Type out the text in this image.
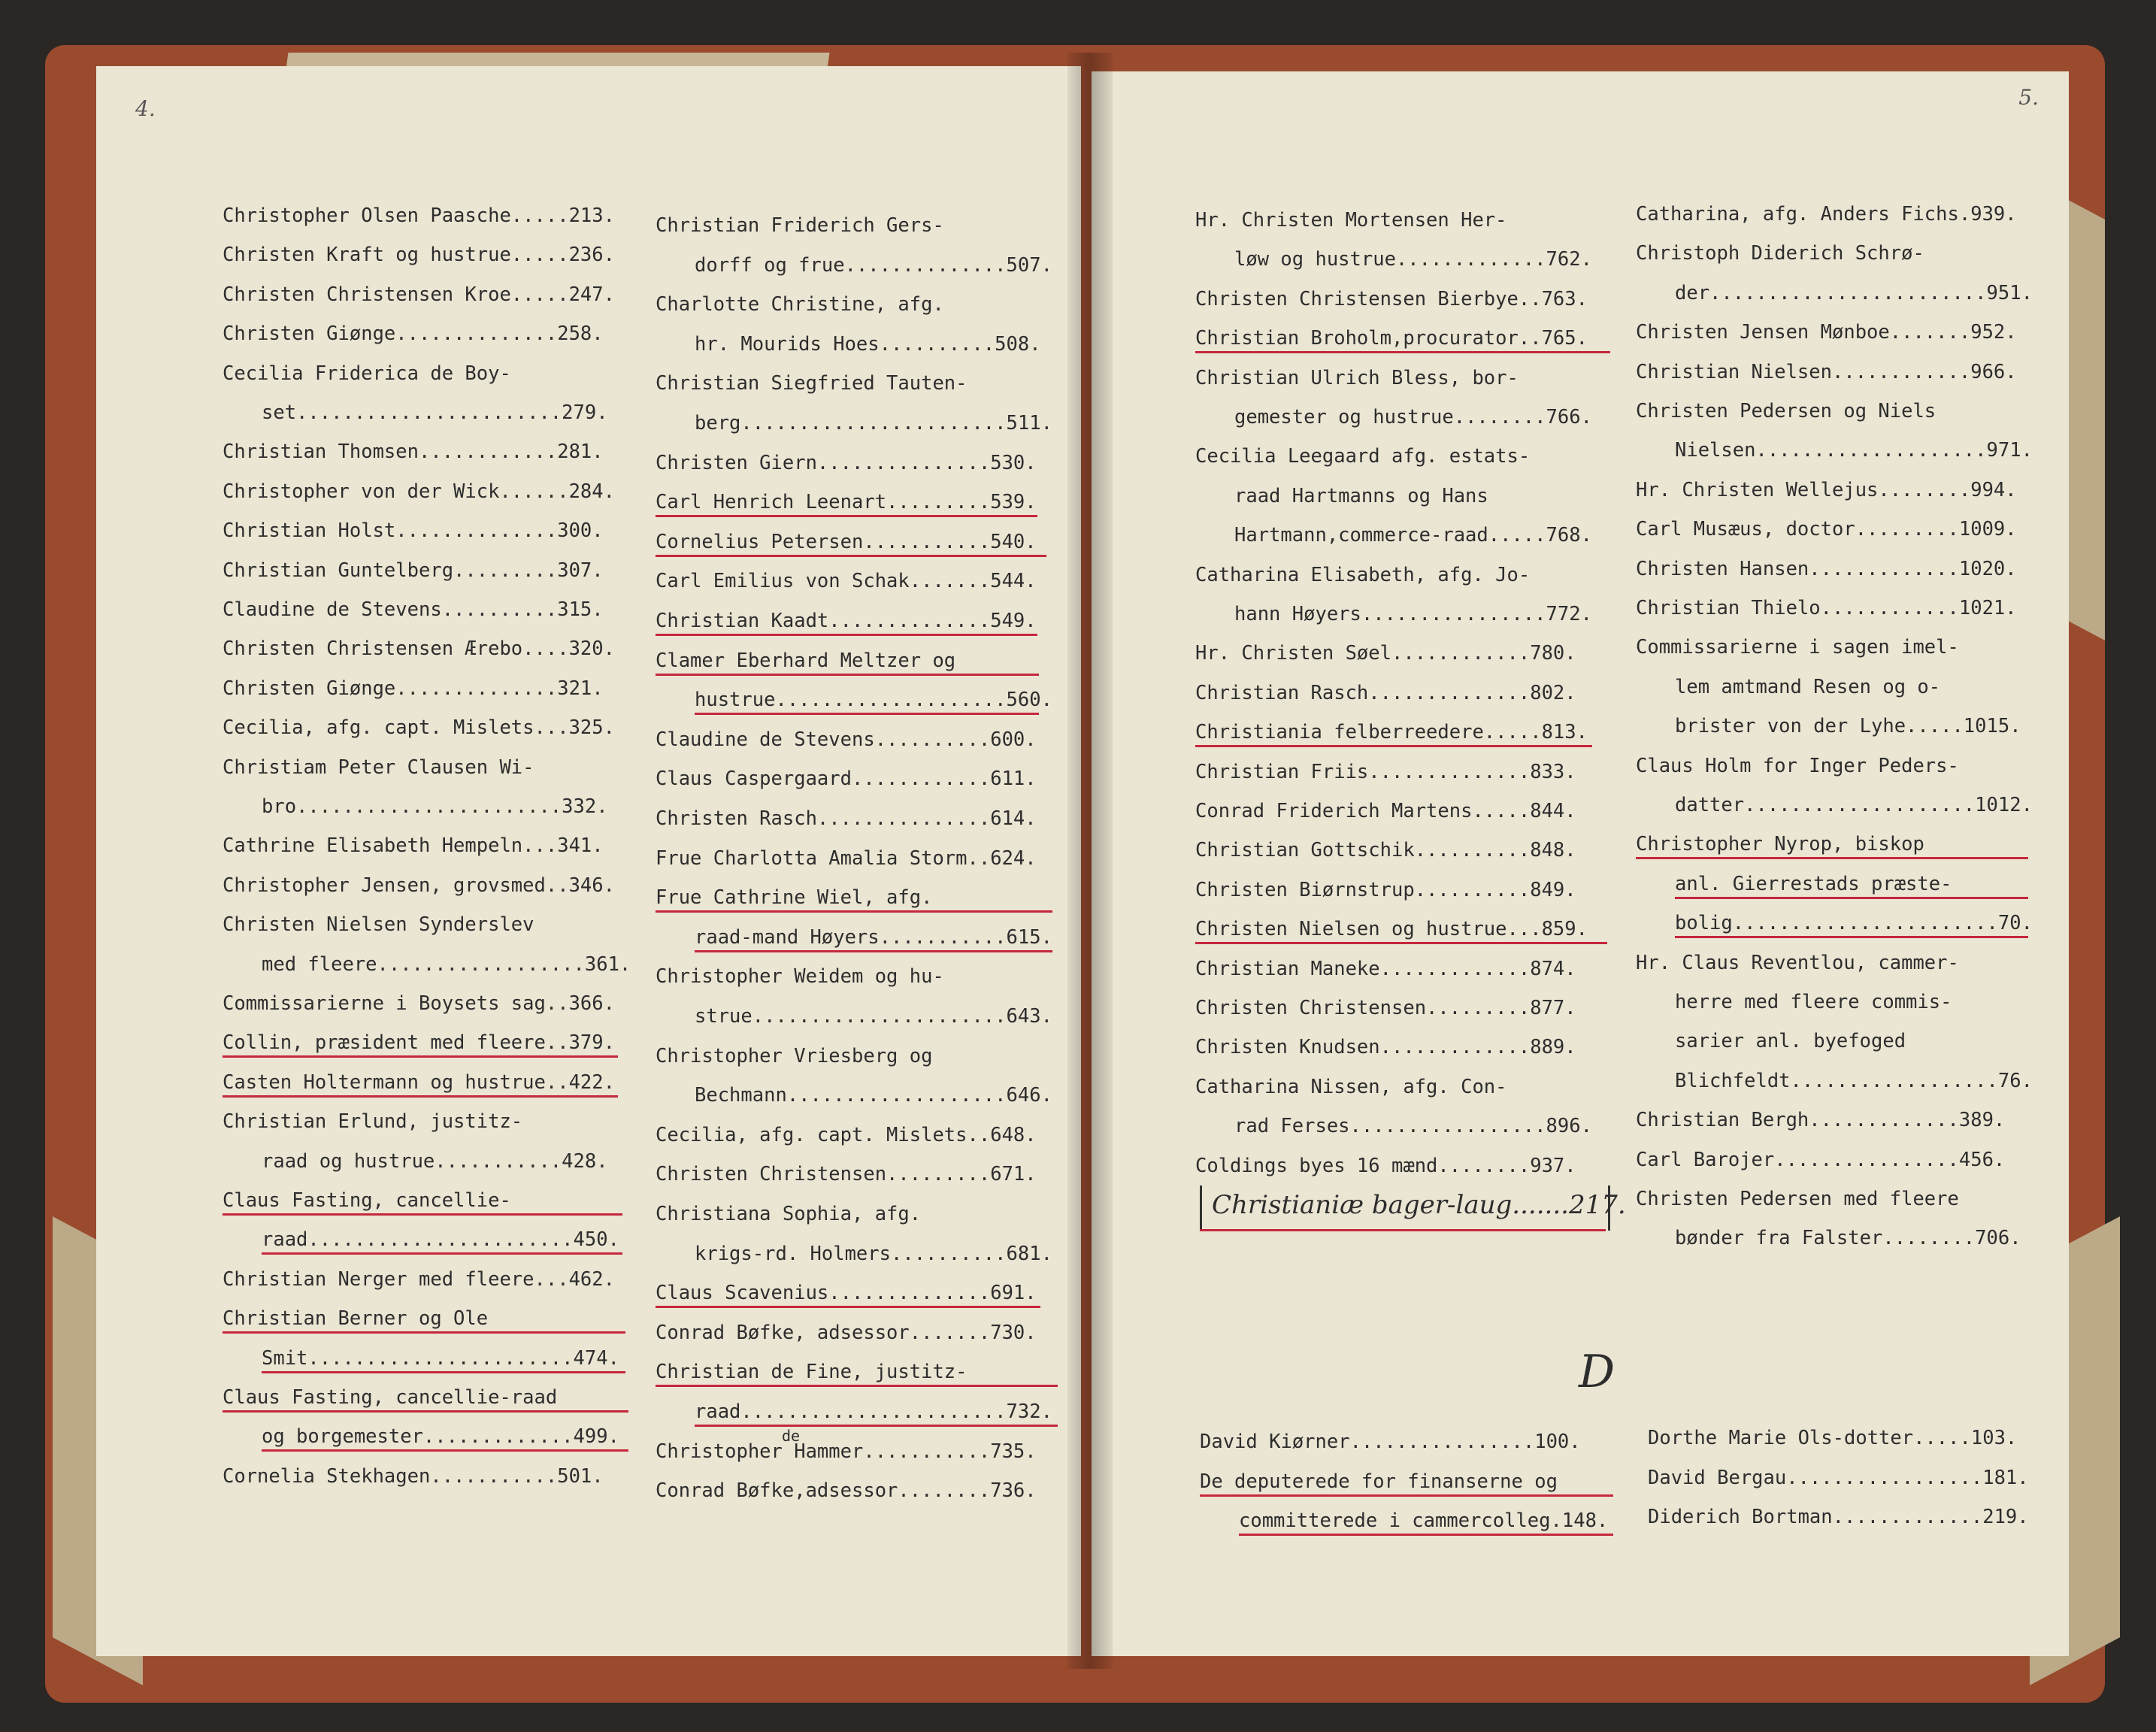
4.	5.
Christopher Olsen Paasche.....213.
Christen Kraft og hustrue.....236.
Christen Christensen Kroe.....247.
Christen Giønge..............258.
Cecilia Friderica de Boy-
set.......................279.
Christian Thomsen............281.
Christopher von der Wick......284.
Christian Holst..............300.
Christian Guntelberg.........307.
Claudine de Stevens..........315.
Christen Christensen Ærebo....320.
Christen Giønge..............321.
Cecilia, afg. capt. Mislets...325.
Christiam Peter Clausen Wi-
bro.......................332.
Cathrine Elisabeth Hempeln...341.
Christopher Jensen, grovsmed..346.
Christen Nielsen Synderslev
med fleere..................361.
Commissarierne i Boysets sag..366.
Collin, præsident med fleere..379.
Casten Holtermann og hustrue..422.
Christian Erlund, justitz-
raad og hustrue...........428.
Claus Fasting, cancellie-
raad.......................450.
Christian Nerger med fleere...462.
Christian Berner og Ole
Smit.......................474.
Claus Fasting, cancellie-raad
og borgemester.............499.
Cornelia Stekhagen...........501.
Christian Friderich Gers-
dorff og frue..............507.
Charlotte Christine, afg.
hr. Mourids Hoes..........508.
Christian Siegfried Tauten-
berg.......................511.
Christen Giern...............530.
Carl Henrich Leenart.........539.
Cornelius Petersen...........540.
Carl Emilius von Schak.......544.
Christian Kaadt..............549.
Clamer Eberhard Meltzer og
hustrue....................560.
Claudine de Stevens..........600.
Claus Caspergaard............611.
Christen Rasch...............614.
Frue Charlotta Amalia Storm..624.
Frue Cathrine Wiel, afg.
raad-mand Høyers...........615.
Christopher Weidem og hu-
strue......................643.
Christopher Vriesberg og
Bechmann...................646.
Cecilia, afg. capt. Mislets..648.
Christen Christensen.........671.
Christiana Sophia, afg.
krigs-rd. Holmers..........681.
Claus Scavenius..............691.
Conrad Bøfke, adsessor.......730.
Christian de Fine, justitz-
raad.......................732.
Christopher Hammer...........735.
de
Conrad Bøfke,adsessor........736.
Hr. Christen Mortensen Her-
løw og hustrue.............762.
Christen Christensen Bierbye..763.
Christian Broholm,procurator..765.
Christian Ulrich Bless, bor-
gemester og hustrue........766.
Cecilia Leegaard afg. estats-
raad Hartmanns og Hans
Hartmann,commerce-raad.....768.
Catharina Elisabeth, afg. Jo-
hann Høyers................772.
Hr. Christen Søel............780.
Christian Rasch..............802.
Christiania felberreedere.....813.
Christian Friis..............833.
Conrad Friderich Martens.....844.
Christian Gottschik..........848.
Christen Biørnstrup..........849.
Christen Nielsen og hustrue...859.
Christian Maneke.............874.
Christen Christensen.........877.
Christen Knudsen.............889.
Catharina Nissen, afg. Con-
rad Ferses.................896.
Coldings byes 16 mænd........937.
Catharina, afg. Anders Fichs.939.
Christoph Diderich Schrø-
der........................951.
Christen Jensen Mønboe.......952.
Christian Nielsen............966.
Christen Pedersen og Niels
Nielsen....................971.
Hr. Christen Wellejus........994.
Carl Musæus, doctor.........1009.
Christen Hansen.............1020.
Christian Thielo............1021.
Commissarierne i sagen imel-
lem amtmand Resen og o-
brister von der Lyhe.....1015.
Claus Holm for Inger Peders-
datter....................1012.
Christopher Nyrop, biskop
anl. Gierrestads præste-
bolig.......................70.
Hr. Claus Reventlou, cammer-
herre med fleere commis-
sarier anl. byefoged
Blichfeldt..................76.
Christian Bergh.............389.
Carl Barojer................456.
Christen Pedersen med fleere
bønder fra Falster........706.
Christianiæ bager-laug.......217.
D
David Kiørner................100.
De deputerede for finanserne og
committerede i cammercolleg.148.
Dorthe Marie Ols-dotter.....103.
David Bergau.................181.
Diderich Bortman.............219.
